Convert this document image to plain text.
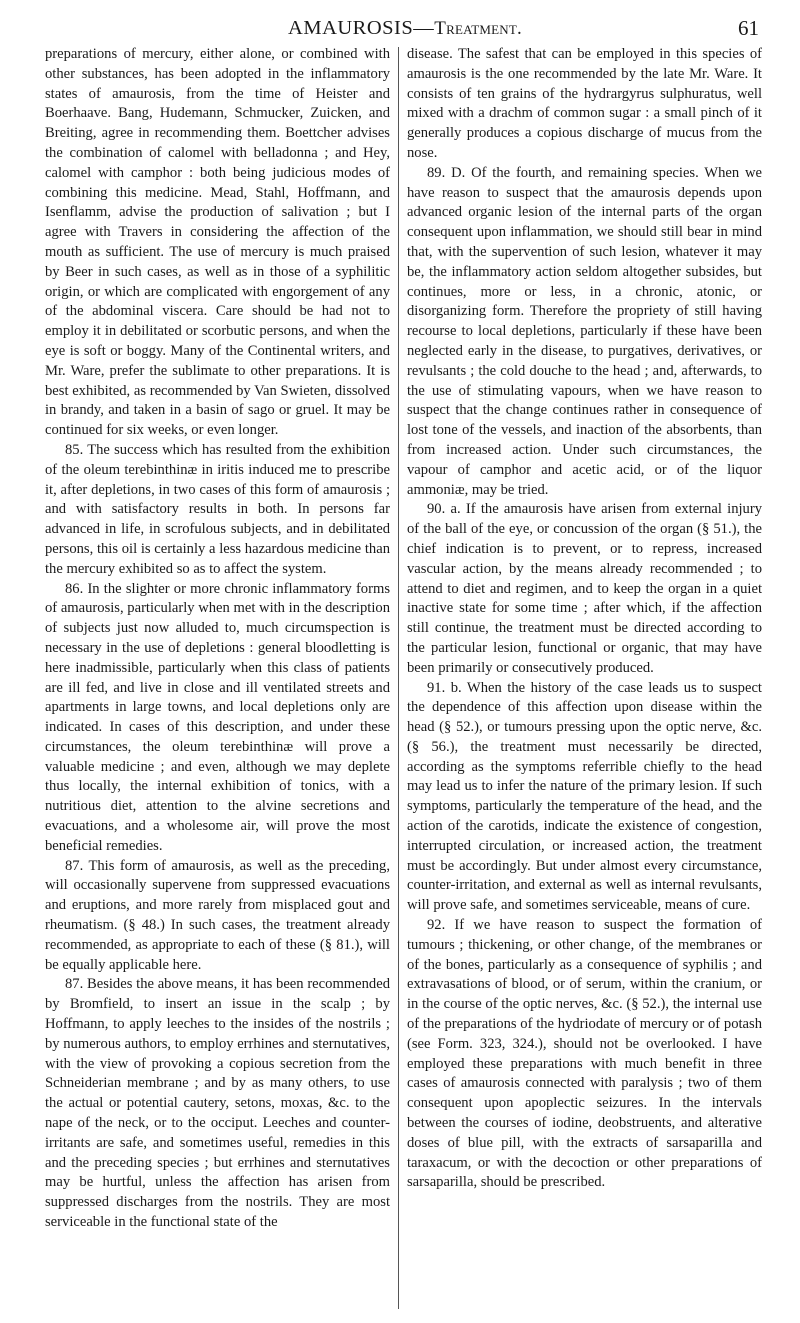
AMAUROSIS—Treatment.	61

preparations of mercury, either alone, or combined with other substances, has been adopted in the inflammatory states of amaurosis, from the time of Heister and Boerhaave. Bang, Hudemann, Schmucker, Zuicken, and Breiting, agree in recommending them. Boettcher advises the combination of calomel with belladonna ; and Hey, calomel with camphor : both being judicious modes of combining this medicine. Mead, Stahl, Hoffmann, and Isenflamm, advise the production of salivation ; but I agree with Travers in considering the affection of the mouth as sufficient. The use of mercury is much praised by Beer in such cases, as well as in those of a syphilitic origin, or which are complicated with engorgement of any of the abdominal viscera. Care should be had not to employ it in debilitated or scorbutic persons, and when the eye is soft or boggy. Many of the Continental writers, and Mr. Ware, prefer the sublimate to other preparations. It is best exhibited, as recommended by Van Swieten, dissolved in brandy, and taken in a basin of sago or gruel. It may be continued for six weeks, or even longer.

85. The success which has resulted from the exhibition of the oleum terebinthinæ in iritis induced me to prescribe it, after depletions, in two cases of this form of amaurosis ; and with satisfactory results in both. In persons far advanced in life, in scrofulous subjects, and in debilitated persons, this oil is certainly a less hazardous medicine than the mercury exhibited so as to affect the system.

86. In the slighter or more chronic inflammatory forms of amaurosis, particularly when met with in the description of subjects just now alluded to, much circumspection is necessary in the use of depletions : general bloodletting is here inadmissible, particularly when this class of patients are ill fed, and live in close and ill ventilated streets and apartments in large towns, and local depletions only are indicated. In cases of this description, and under these circumstances, the oleum terebinthinæ will prove a valuable medicine ; and even, although we may deplete thus locally, the internal exhibition of tonics, with a nutritious diet, attention to the alvine secretions and evacuations, and a wholesome air, will prove the most beneficial remedies.

87. This form of amaurosis, as well as the preceding, will occasionally supervene from suppressed evacuations and eruptions, and more rarely from misplaced gout and rheumatism. (§ 48.) In such cases, the treatment already recommended, as appropriate to each of these (§ 81.), will be equally applicable here.

87. Besides the above means, it has been recommended by Bromfield, to insert an issue in the scalp ; by Hoffmann, to apply leeches to the insides of the nostrils ; by numerous authors, to employ errhines and sternutatives, with the view of provoking a copious secretion from the Schneiderian membrane ; and by as many others, to use the actual or potential cautery, setons, moxas, &c. to the nape of the neck, or to the occiput. Leeches and counter-irritants are safe, and sometimes useful, remedies in this and the preceding species ; but errhines and sternutatives may be hurtful, unless the affection has arisen from suppressed discharges from the nostrils. They are most serviceable in the functional state of the

disease. The safest that can be employed in this species of amaurosis is the one recommended by the late Mr. Ware. It consists of ten grains of the hydrargyrus sulphuratus, well mixed with a drachm of common sugar : a small pinch of it generally produces a copious discharge of mucus from the nose.

89. D. Of the fourth, and remaining species. When we have reason to suspect that the amaurosis depends upon advanced organic lesion of the internal parts of the organ consequent upon inflammation, we should still bear in mind that, with the supervention of such lesion, whatever it may be, the inflammatory action seldom altogether subsides, but continues, more or less, in a chronic, atonic, or disorganizing form. Therefore the propriety of still having recourse to local depletions, particularly if these have been neglected early in the disease, to purgatives, derivatives, or revulsants ; the cold douche to the head ; and, afterwards, to the use of stimulating vapours, when we have reason to suspect that the change continues rather in consequence of lost tone of the vessels, and inaction of the absorbents, than from increased action. Under such circumstances, the vapour of camphor and acetic acid, or of the liquor ammoniæ, may be tried.

90. a. If the amaurosis have arisen from external injury of the ball of the eye, or concussion of the organ (§ 51.), the chief indication is to prevent, or to repress, increased vascular action, by the means already recommended ; to attend to diet and regimen, and to keep the organ in a quiet inactive state for some time ; after which, if the affection still continue, the treatment must be directed according to the particular lesion, functional or organic, that may have been primarily or consecutively produced.

91. b. When the history of the case leads us to suspect the dependence of this affection upon disease within the head (§ 52.), or tumours pressing upon the optic nerve, &c. (§ 56.), the treatment must necessarily be directed, according as the symptoms referrible chiefly to the head may lead us to infer the nature of the primary lesion. If such symptoms, particularly the temperature of the head, and the action of the carotids, indicate the existence of congestion, interrupted circulation, or increased action, the treatment must be accordingly. But under almost every circumstance, counter-irritation, and external as well as internal revulsants, will prove safe, and sometimes serviceable, means of cure.

92. If we have reason to suspect the formation of tumours ; thickening, or other change, of the membranes or of the bones, particularly as a consequence of syphilis ; and extravasations of blood, or of serum, within the cranium, or in the course of the optic nerves, &c. (§ 52.), the internal use of the preparations of the hydriodate of mercury or of potash (see Form. 323, 324.), should not be overlooked. I have employed these preparations with much benefit in three cases of amaurosis connected with paralysis ; two of them consequent upon apoplectic seizures. In the intervals between the courses of iodine, deobstruents, and alterative doses of blue pill, with the extracts of sarsaparilla and taraxacum, or with the decoction or other preparations of sarsaparilla, should be prescribed.
